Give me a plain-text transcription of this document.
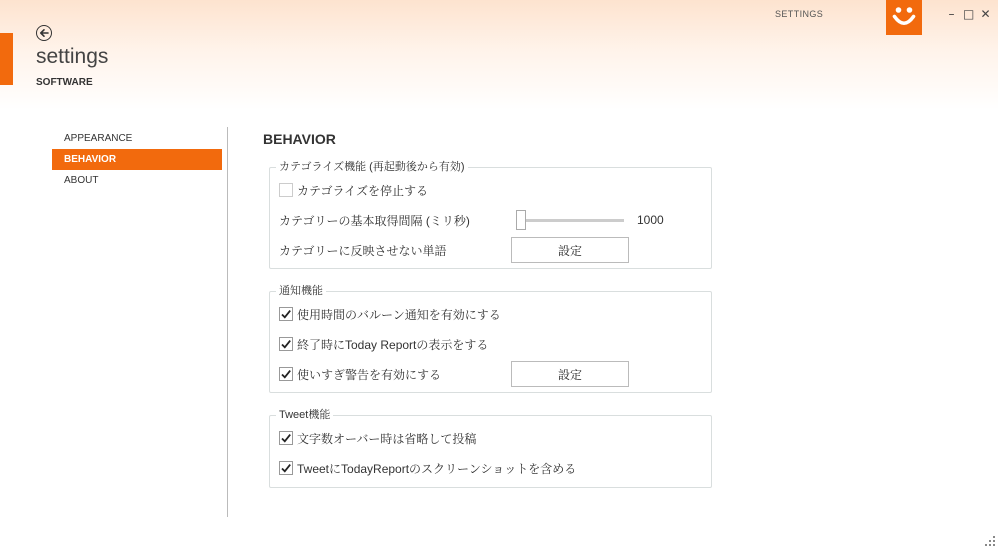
SETTINGS	– □ ✕
settings
SOFTWARE
APPEARANCE
BEHAVIOR
ABOUT
BEHAVIOR
カテゴライズ機能 (再起動後から有効)
カテゴライズを停止する
カテゴリーの基本取得間隔 (ミリ秒)	1000
カテゴリーに反映させない単語	設定
通知機能
使用時間のバルーン通知を有効にする
終了時にToday Reportの表示をする
使いすぎ警告を有効にする	設定
Tweet機能
文字数オーバー時は省略して投稿
TweetにTodayReportのスクリーンショットを含める
